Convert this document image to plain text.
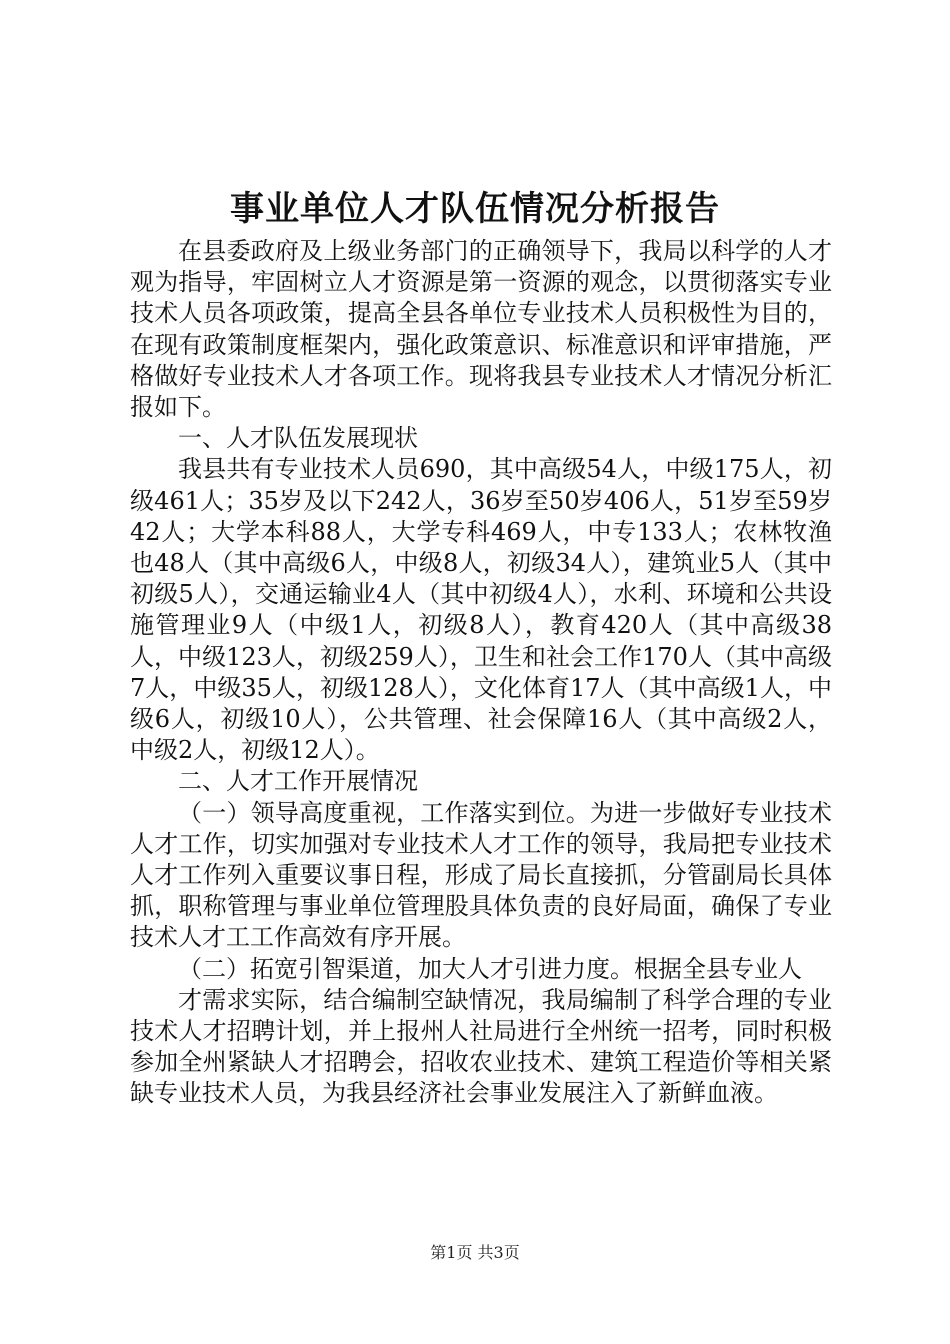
事业单位人才队伍情况分析报告

在县委政府及上级业务部门的正确领导下，我局以科学的人才观为指导，牢固树立人才资源是第一资源的观念，以贯彻落实专业技术人员各项政策，提高全县各单位专业技术人员积极性为目的，在现有政策制度框架内，强化政策意识、标准意识和评审措施，严格做好专业技术人才各项工作。现将我县专业技术人才情况分析汇报如下。

一、人才队伍发展现状

我县共有专业技术人员690，其中高级54人，中级175人，初级461人；35岁及以下242人，36岁至50岁406人，51岁至59岁42人；大学本科88人，大学专科469人，中专133人；农林牧渔也48人（其中高级6人，中级8人，初级34人），建筑业5人（其中初级5人），交通运输业4人（其中初级4人），水利、环境和公共设施管理业9人（中级1人，初级8人），教育420人（其中高级38人，中级123人，初级259人），卫生和社会工作170人（其中高级7人，中级35人，初级128人），文化体育17人（其中高级1人，中级6人，初级10人），公共管理、社会保障16人（其中高级2人，中级2人，初级12人）。

二、人才工作开展情况

（一）领导高度重视，工作落实到位。为进一步做好专业技术人才工作，切实加强对专业技术人才工作的领导，我局把专业技术人才工作列入重要议事日程，形成了局长直接抓，分管副局长具体抓，职称管理与事业单位管理股具体负责的良好局面，确保了专业技术人才工工作高效有序开展。

（二）拓宽引智渠道，加大人才引进力度。根据全县专业人

才需求实际，结合编制空缺情况，我局编制了科学合理的专业技术人才招聘计划，并上报州人社局进行全州统一招考，同时积极参加全州紧缺人才招聘会，招收农业技术、建筑工程造价等相关紧缺专业技术人员，为我县经济社会事业发展注入了新鲜血液。

第1页 共3页
